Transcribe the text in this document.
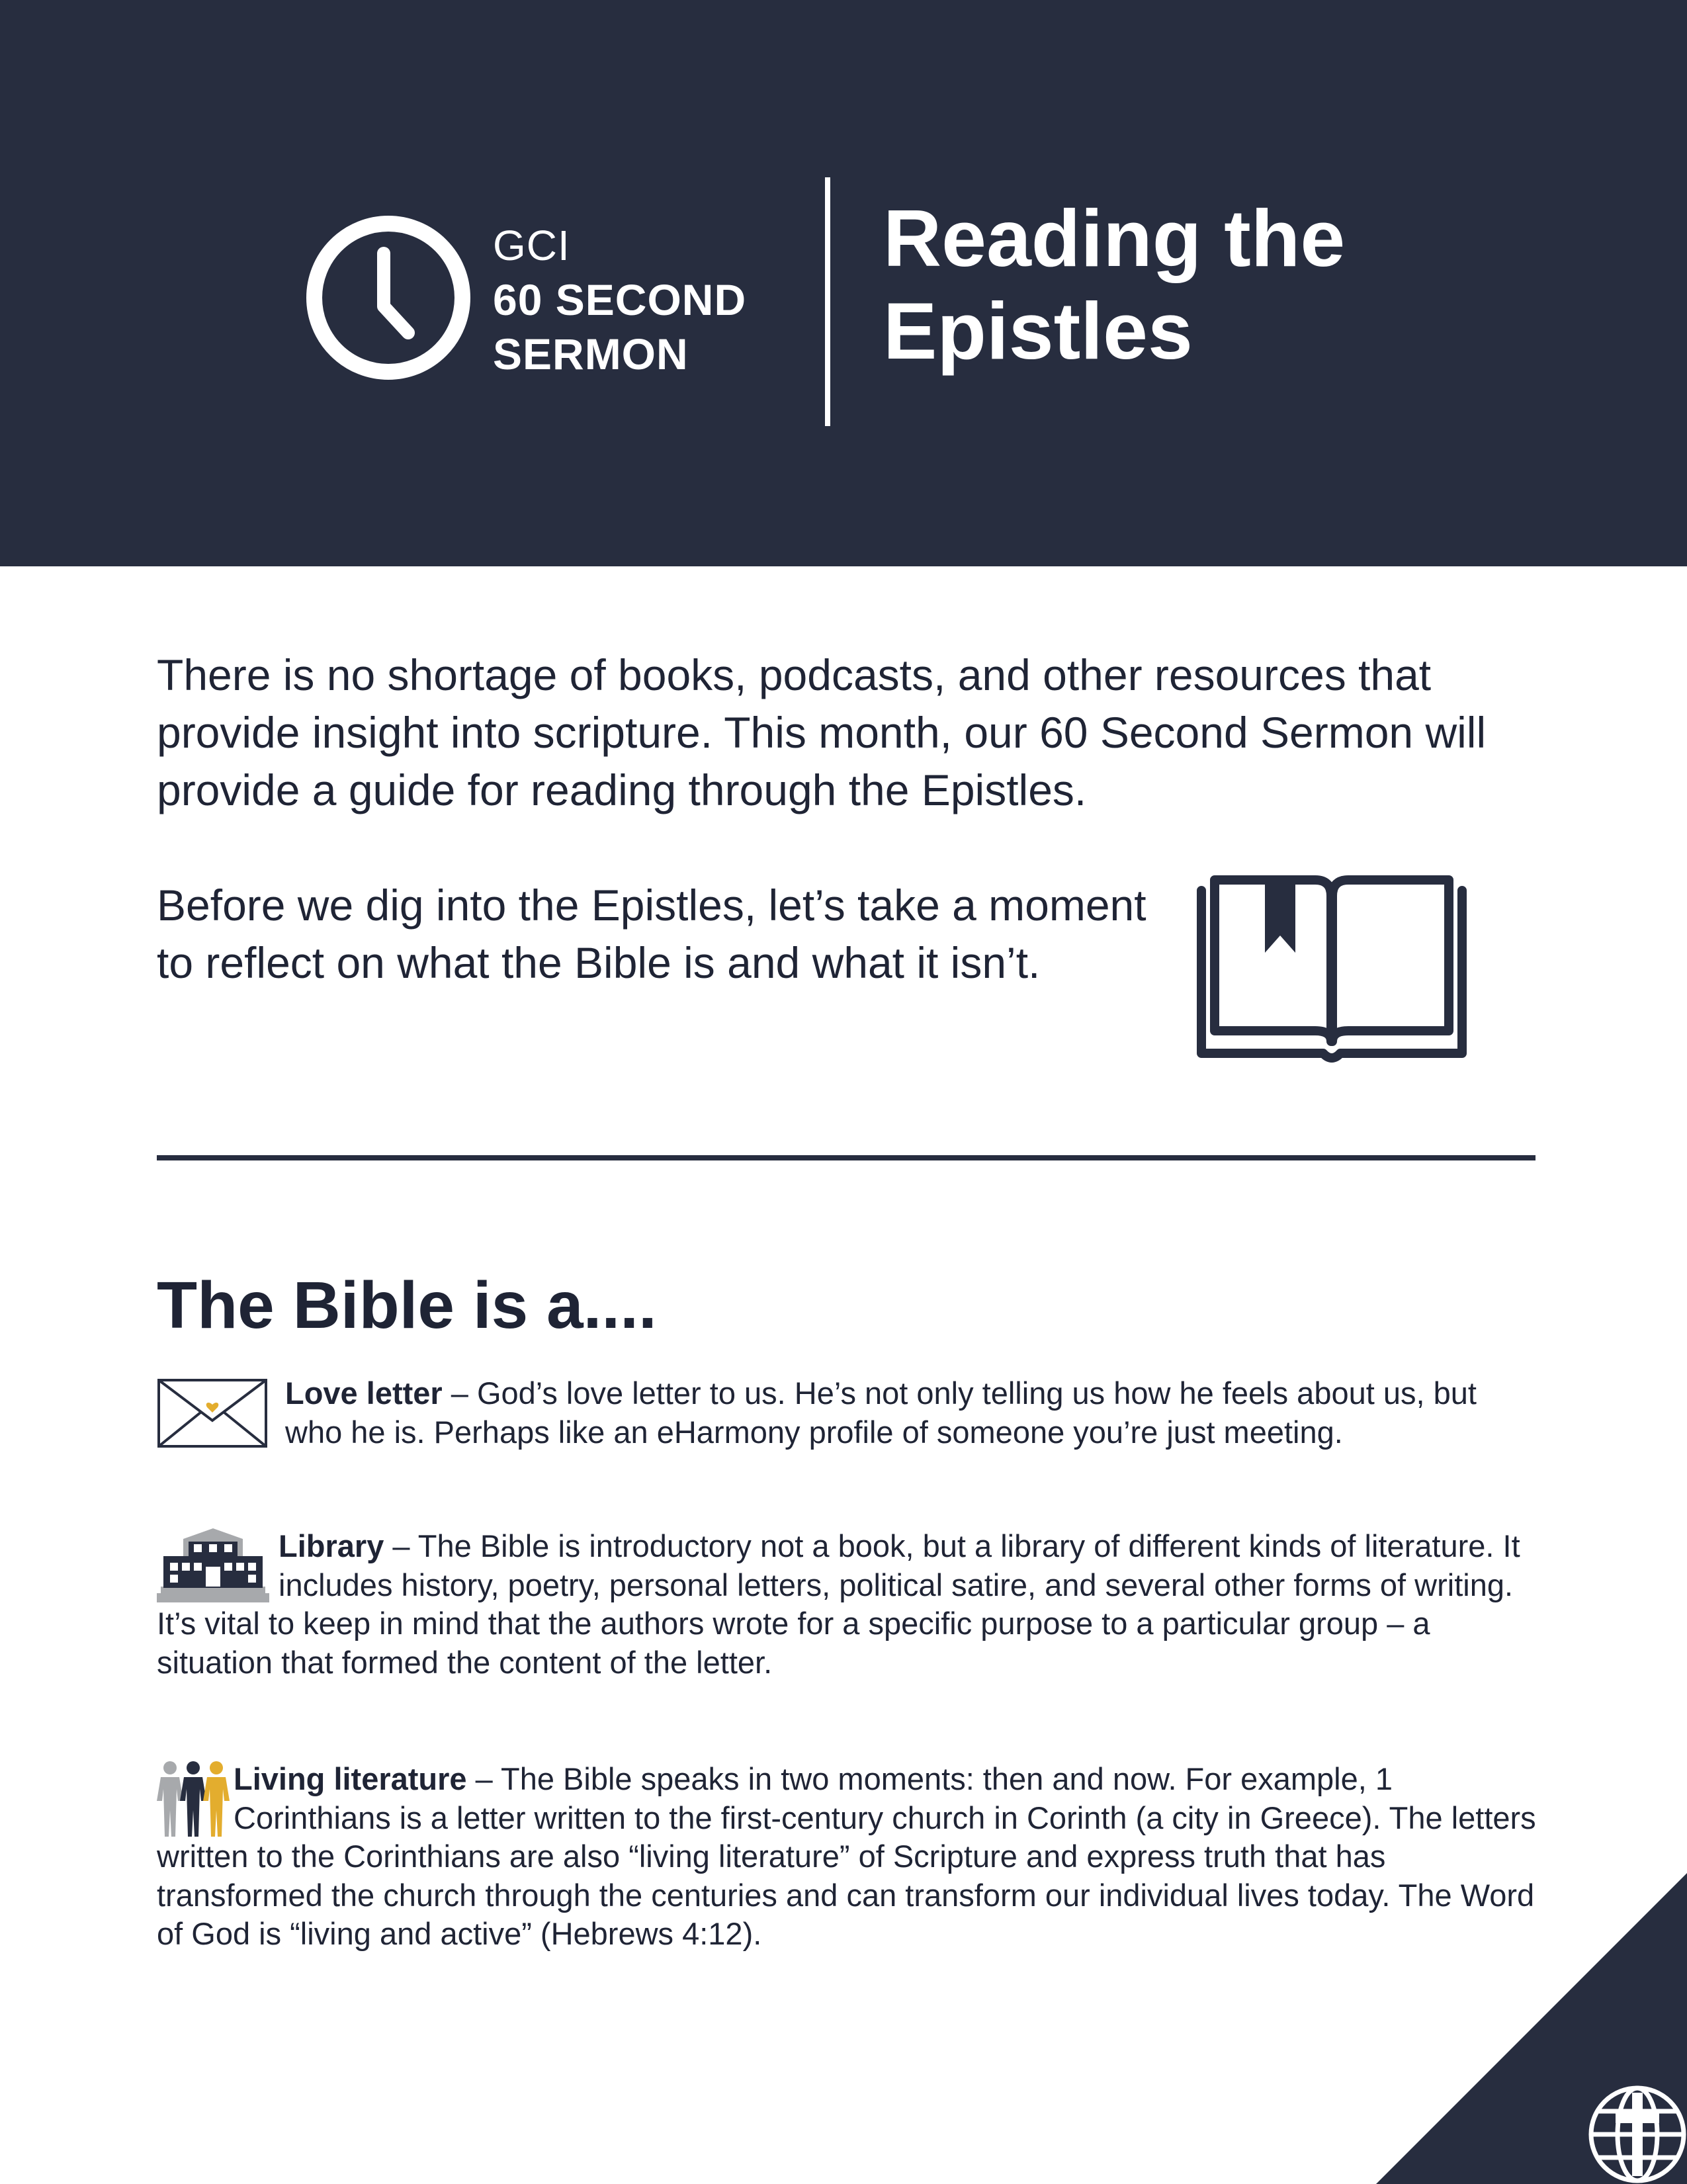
GCI
60 SECOND
SERMON
Reading the
Epistles

There is no shortage of books, podcasts, and other resources that provide insight into scripture. This month, our 60 Second Sermon will provide a guide for reading through the Epistles.

Before we dig into the Epistles, let’s take a moment to reflect on what the Bible is and what it isn’t.

The Bible is a....

Love letter – God’s love letter to us. He’s not only telling us how he feels about us, but who he is. Perhaps like an eHarmony profile of someone you’re just meeting.

Library – The Bible is introductory not a book, but a library of different kinds of literature. It includes history, poetry, personal letters, political satire, and several other forms of writing. It’s vital to keep in mind that the authors wrote for a specific purpose to a particular group – a situation that formed the content of the letter.

Living literature – The Bible speaks in two moments: then and now. For example, 1 Corinthians is a letter written to the first-century church in Corinth (a city in Greece). The letters written to the Corinthians are also “living literature” of Scripture and express truth that has transformed the church through the centuries and can transform our individual lives today. The Word of God is “living and active” (Hebrews 4:12).
